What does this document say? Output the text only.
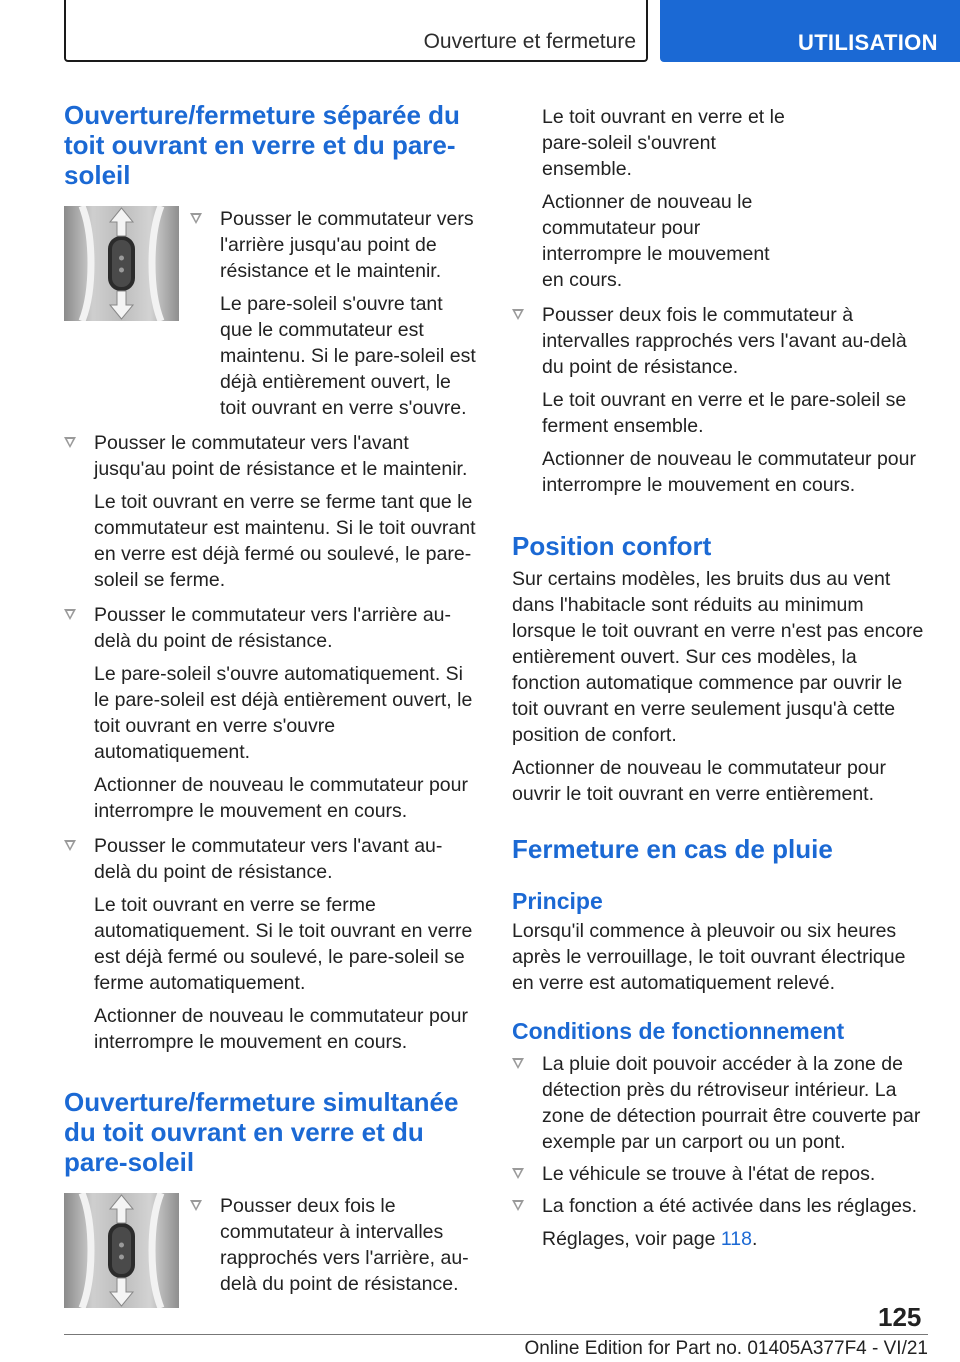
Ouverture et fermeture	UTILISATION
Ouverture/fermeture séparée du toit ouvrant en verre et du pare-soleil

Pousser le commutateur vers l'arrière jusqu'au point de résistance et le maintenir.

Le pare-soleil s'ouvre tant que le commutateur est maintenu. Si le pare-soleil est déjà entièrement ouvert, le toit ouvrant en verre s'ouvre.

Pousser le commutateur vers l'avant jusqu'au point de résistance et le maintenir.

Le toit ouvrant en verre se ferme tant que le commutateur est maintenu. Si le toit ouvrant en verre est déjà fermé ou soulevé, le pare-soleil se ferme.

Pousser le commutateur vers l'arrière au-delà du point de résistance.

Le pare-soleil s'ouvre automatiquement. Si le pare-soleil est déjà entièrement ouvert, le toit ouvrant en verre s'ouvre automatiquement.

Actionner de nouveau le commutateur pour interrompre le mouvement en cours.

Pousser le commutateur vers l'avant au-delà du point de résistance.

Le toit ouvrant en verre se ferme automatiquement. Si le toit ouvrant en verre est déjà fermé ou soulevé, le pare-soleil se ferme automatiquement.

Actionner de nouveau le commutateur pour interrompre le mouvement en cours.

Ouverture/fermeture simultanée du toit ouvrant en verre et du pare-soleil

Pousser deux fois le commutateur à intervalles rapprochés vers l'arrière, au-delà du point de résistance.

Le toit ouvrant en verre et le pare-soleil s'ouvrent ensemble.

Actionner de nouveau le commutateur pour interrompre le mouvement en cours.

Pousser deux fois le commutateur à intervalles rapprochés vers l'avant au-delà du point de résistance.

Le toit ouvrant en verre et le pare-soleil se ferment ensemble.

Actionner de nouveau le commutateur pour interrompre le mouvement en cours.

Position confort

Sur certains modèles, les bruits dus au vent dans l'habitacle sont réduits au minimum lorsque le toit ouvrant en verre n'est pas encore entièrement ouvert. Sur ces modèles, la fonction automatique commence par ouvrir le toit ouvrant en verre seulement jusqu'à cette position de confort.

Actionner de nouveau le commutateur pour ouvrir le toit ouvrant en verre entièrement.

Fermeture en cas de pluie
Principe

Lorsqu'il commence à pleuvoir ou six heures après le verrouillage, le toit ouvrant électrique en verre est automatiquement relevé.

Conditions de fonctionnement

La pluie doit pouvoir accéder à la zone de détection près du rétroviseur intérieur. La zone de détection pourrait être couverte par exemple par un carport ou un pont.

Le véhicule se trouve à l'état de repos.

La fonction a été activée dans les réglages.

Réglages, voir page 118.

125
Online Edition for Part no. 01405A377F4 - VI/21
